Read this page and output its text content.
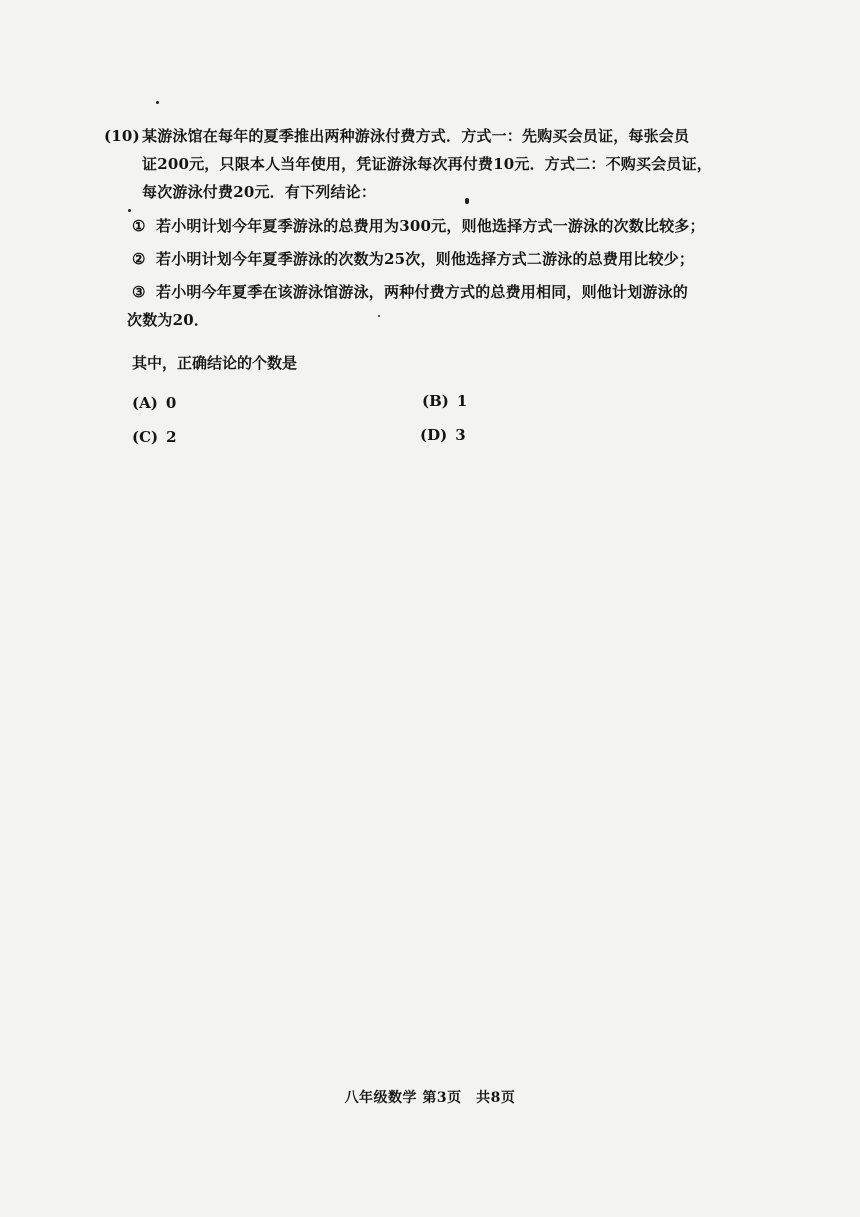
(10) 某游泳馆在每年的夏季推出两种游泳付费方式．方式一：先购买会员证，每张会员
证200元，只限本人当年使用，凭证游泳每次再付费10元．方式二：不购买会员证，
每次游泳付费20元．有下列结论：
① 若小明计划今年夏季游泳的总费用为300元，则他选择方式一游泳的次数比较多；
② 若小明计划今年夏季游泳的次数为25次，则他选择方式二游泳的总费用比较少；
③ 若小明今年夏季在该游泳馆游泳，两种付费方式的总费用相同，则他计划游泳的
次数为20．
其中，正确结论的个数是
(A) 0	(B) 1
(C) 2	(D) 3
八年级数学 第3页　共8页
